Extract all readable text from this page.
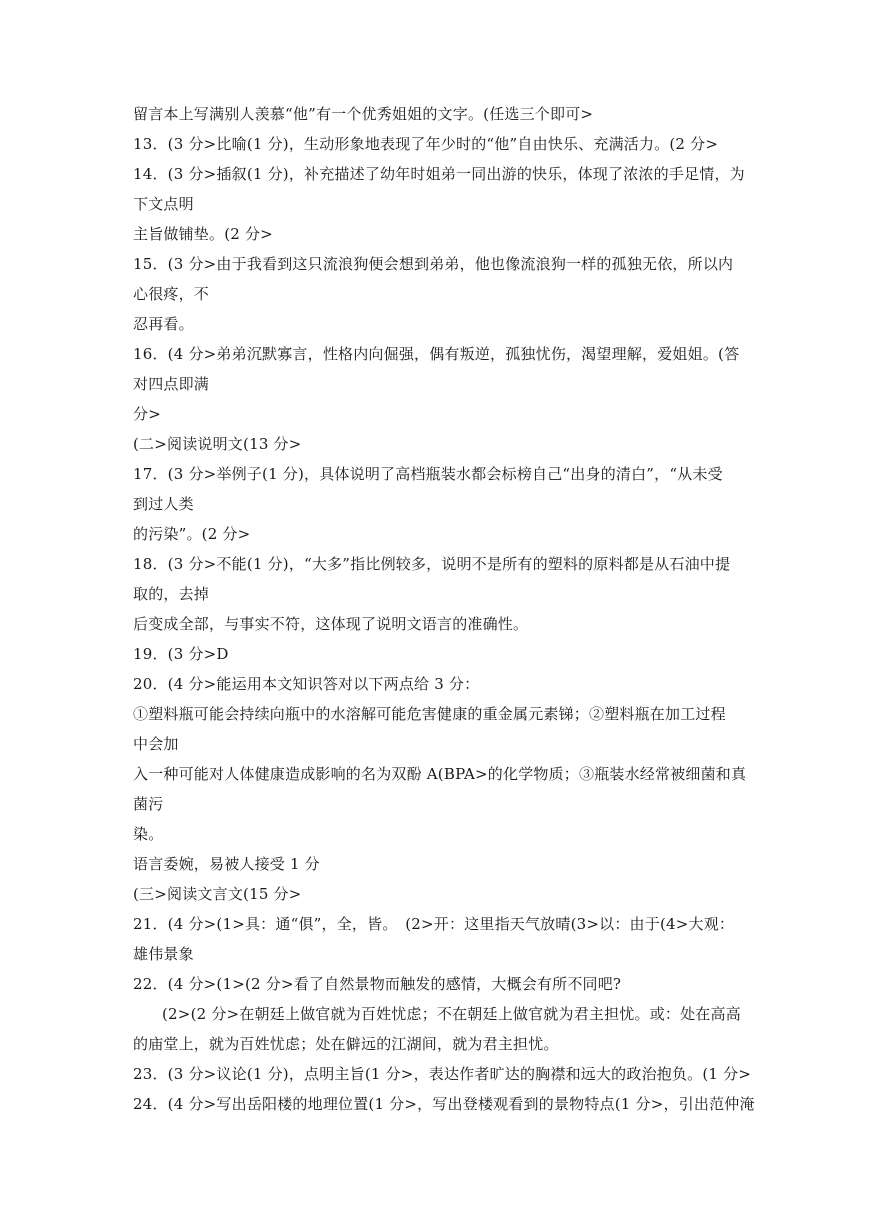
留言本上写满别人羡慕“他”有一个优秀姐姐的文字。(任选三个即可>

13．(3 分>比喻(1 分)，生动形象地表现了年少时的“他”自由快乐、充满活力。(2 分>

14．(3 分>插叙(1 分)，补充描述了幼年时姐弟一同出游的快乐，体现了浓浓的手足情，为

下文点明

主旨做铺垫。(2 分>

15．(3 分>由于我看到这只流浪狗便会想到弟弟，他也像流浪狗一样的孤独无依，所以内

心很疼，不

忍再看。

16．(4 分>弟弟沉默寡言，性格内向倔强，偶有叛逆，孤独忧伤，渴望理解，爱姐姐。(答

对四点即满

分>

(二>阅读说明文(13 分>

17．(3 分>举例子(1 分)，具体说明了高档瓶装水都会标榜自己“出身的清白”，“从未受

到过人类

的污染”。(2 分>

18．(3 分>不能(1 分)，“大多”指比例较多，说明不是所有的塑料的原料都是从石油中提

取的，去掉

后变成全部，与事实不符，这体现了说明文语言的准确性。

19．(3 分>D

20．(4 分>能运用本文知识答对以下两点给 3 分：

①塑料瓶可能会持续向瓶中的水溶解可能危害健康的重金属元素锑；②塑料瓶在加工过程

中会加

入一种可能对人体健康造成影响的名为双酚 A(BPA>的化学物质；③瓶装水经常被细菌和真

菌污

染。

语言委婉，易被人接受 1 分

(三>阅读文言文(15 分>

21．(4 分>(1>具：通“俱”，全，皆。　(2>开：这里指天气放晴(3>以：由于(4>大观：

雄伟景象

22．(4 分>(1>(2 分>看了自然景物而触发的感情，大概会有所不同吧?

(2>(2 分>在朝廷上做官就为百姓忧虑；不在朝廷上做官就为君主担忧。或：处在高高

的庙堂上，就为百姓忧虑；处在僻远的江湖间，就为君主担忧。

23．(3 分>议论(1 分)，点明主旨(1 分>，表达作者旷达的胸襟和远大的政治抱负。(1 分>

24．(4 分>写出岳阳楼的地理位置(1 分>，写出登楼观看到的景物特点(1 分>，引出范仲淹
